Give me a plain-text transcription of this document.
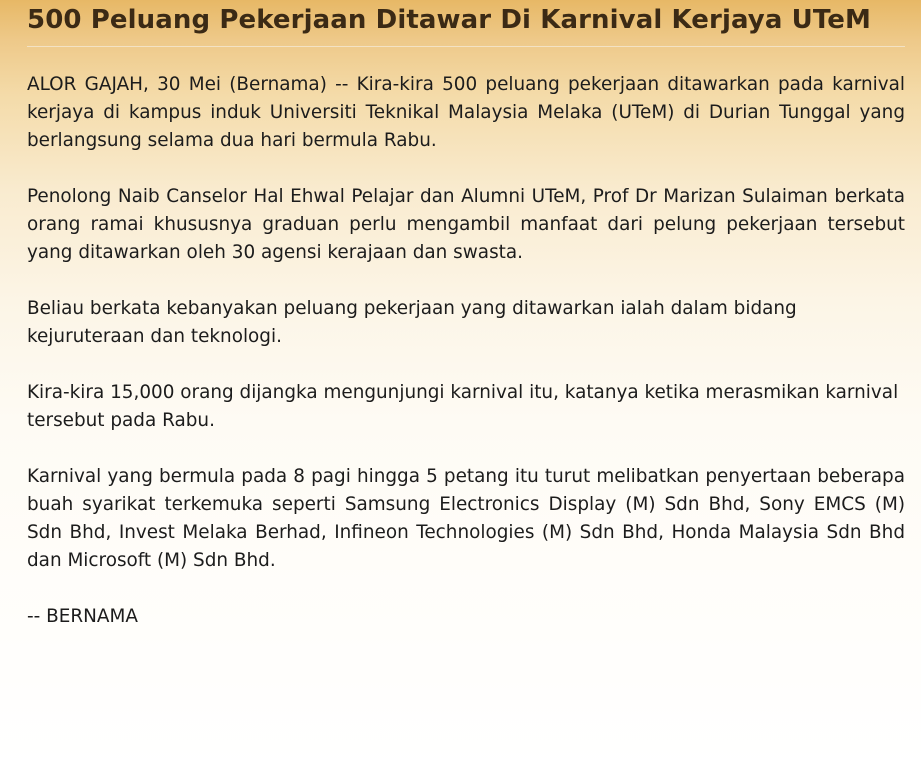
500 Peluang Pekerjaan Ditawar Di Karnival Kerjaya UTeM

ALOR GAJAH, 30 Mei (Bernama) -- Kira-kira 500 peluang pekerjaan ditawarkan pada karnival kerjaya di kampus induk Universiti Teknikal Malaysia Melaka (UTeM) di Durian Tunggal yang berlangsung selama dua hari bermula Rabu.

Penolong Naib Canselor Hal Ehwal Pelajar dan Alumni UTeM, Prof Dr Marizan Sulaiman berkata orang ramai khususnya graduan perlu mengambil manfaat dari pelung pekerjaan tersebut yang ditawarkan oleh 30 agensi kerajaan dan swasta.

Beliau berkata kebanyakan peluang pekerjaan yang ditawarkan ialah dalam bidang kejuruteraan dan teknologi.

Kira-kira 15,000 orang dijangka mengunjungi karnival itu, katanya ketika merasmikan karnival tersebut pada Rabu.

Karnival yang bermula pada 8 pagi hingga 5 petang itu turut melibatkan penyertaan beberapa buah syarikat terkemuka seperti Samsung Electronics Display (M) Sdn Bhd, Sony EMCS (M) Sdn Bhd, Invest Melaka Berhad, Infineon Technologies (M) Sdn Bhd, Honda Malaysia Sdn Bhd dan Microsoft (M) Sdn Bhd.

-- BERNAMA
